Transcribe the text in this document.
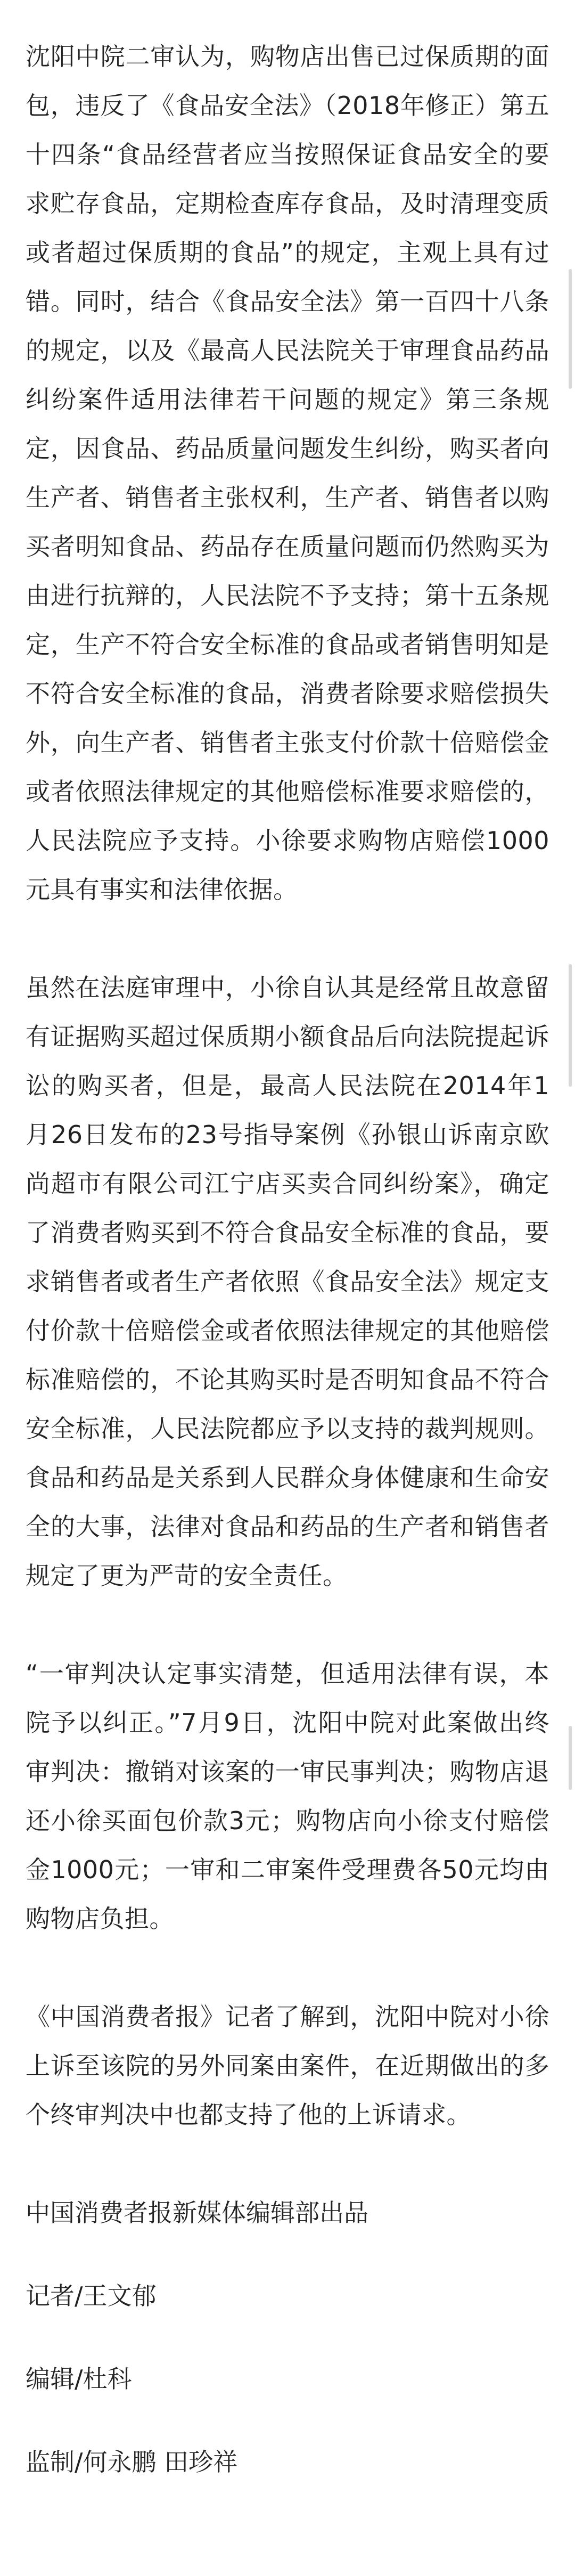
沈阳中院二审认为，购物店出售已过保质期的面包，违反了《食品安全法》（2018年修正）第五十四条“食品经营者应当按照保证食品安全的要求贮存食品，定期检查库存食品，及时清理变质或者超过保质期的食品”的规定，主观上具有过错。同时，结合《食品安全法》第一百四十八条的规定，以及《最高人民法院关于审理食品药品纠纷案件适用法律若干问题的规定》第三条规定，因食品、药品质量问题发生纠纷，购买者向生产者、销售者主张权利，生产者、销售者以购买者明知食品、药品存在质量问题而仍然购买为由进行抗辩的，人民法院不予支持；第十五条规定，生产不符合安全标准的食品或者销售明知是不符合安全标准的食品，消费者除要求赔偿损失外，向生产者、销售者主张支付价款十倍赔偿金或者依照法律规定的其他赔偿标准要求赔偿的，人民法院应予支持。小徐要求购物店赔偿1000元具有事实和法律依据。

虽然在法庭审理中，小徐自认其是经常且故意留有证据购买超过保质期小额食品后向法院提起诉讼的购买者，但是，最高人民法院在2014年1月26日发布的23号指导案例《孙银山诉南京欧尚超市有限公司江宁店买卖合同纠纷案》，确定了消费者购买到不符合食品安全标准的食品，要求销售者或者生产者依照《食品安全法》规定支付价款十倍赔偿金或者依照法律规定的其他赔偿标准赔偿的，不论其购买时是否明知食品不符合安全标准，人民法院都应予以支持的裁判规则。食品和药品是关系到人民群众身体健康和生命安全的大事，法律对食品和药品的生产者和销售者规定了更为严苛的安全责任。

“一审判决认定事实清楚，但适用法律有误，本院予以纠正。”7月9日，沈阳中院对此案做出终审判决：撤销对该案的一审民事判决；购物店退还小徐买面包价款3元；购物店向小徐支付赔偿金1000元；一审和二审案件受理费各50元均由购物店负担。

《中国消费者报》记者了解到，沈阳中院对小徐上诉至该院的另外同案由案件，在近期做出的多个终审判决中也都支持了他的上诉请求。

中国消费者报新媒体编辑部出品

记者/王文郁

编辑/杜科

监制/何永鹏 田珍祥
